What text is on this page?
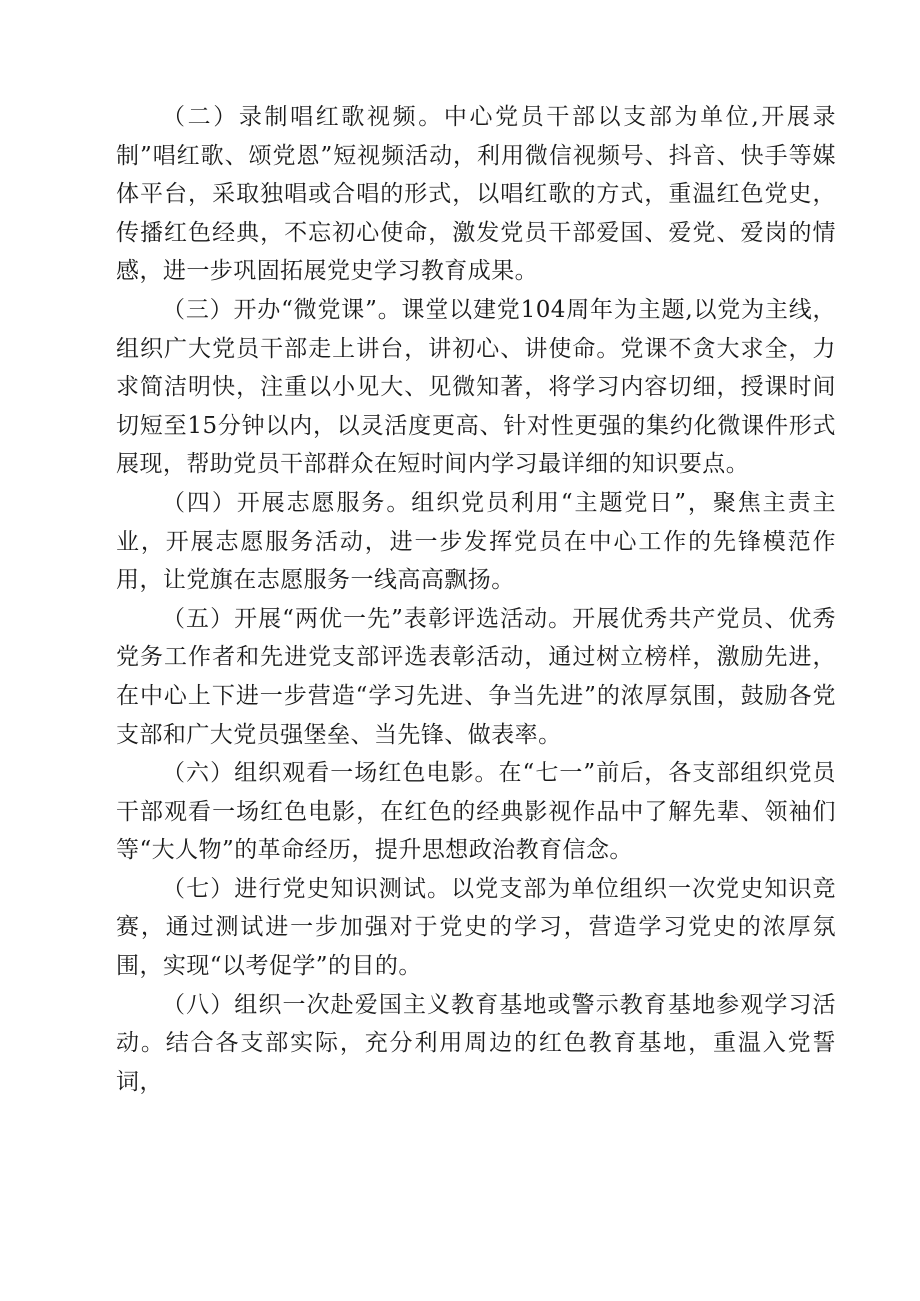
（二）录制唱红歌视频。中心党员干部以支部为单位,开展录制”唱红歌、颂党恩”短视频活动，利用微信视频号、抖音、快手等媒体平台，采取独唱或合唱的形式，以唱红歌的方式，重温红色党史，传播红色经典，不忘初心使命，激发党员干部爱国、爱党、爱岗的情感，进一步巩固拓展党史学习教育成果。

（三）开办“微党课”。课堂以建党104周年为主题,以党为主线，组织广大党员干部走上讲台，讲初心、讲使命。党课不贪大求全，力求简洁明快，注重以小见大、见微知著，将学习内容切细，授课时间切短至15分钟以内，以灵活度更高、针对性更强的集约化微课件形式展现，帮助党员干部群众在短时间内学习最详细的知识要点。

（四）开展志愿服务。组织党员利用“主题党日”，聚焦主责主业，开展志愿服务活动，进一步发挥党员在中心工作的先锋模范作用，让党旗在志愿服务一线高高飘扬。

（五）开展“两优一先”表彰评选活动。开展优秀共产党员、优秀党务工作者和先进党支部评选表彰活动，通过树立榜样，激励先进，在中心上下进一步营造“学习先进、争当先进”的浓厚氛围，鼓励各党支部和广大党员强堡垒、当先锋、做表率。

（六）组织观看一场红色电影。在“七一”前后，各支部组织党员干部观看一场红色电影，在红色的经典影视作品中了解先辈、领袖们等“大人物”的革命经历，提升思想政治教育信念。

（七）进行党史知识测试。以党支部为单位组织一次党史知识竞赛，通过测试进一步加强对于党史的学习，营造学习党史的浓厚氛围，实现“以考促学”的目的。

（八）组织一次赴爱国主义教育基地或警示教育基地参观学习活动。结合各支部实际，充分利用周边的红色教育基地，重温入党誓词，
